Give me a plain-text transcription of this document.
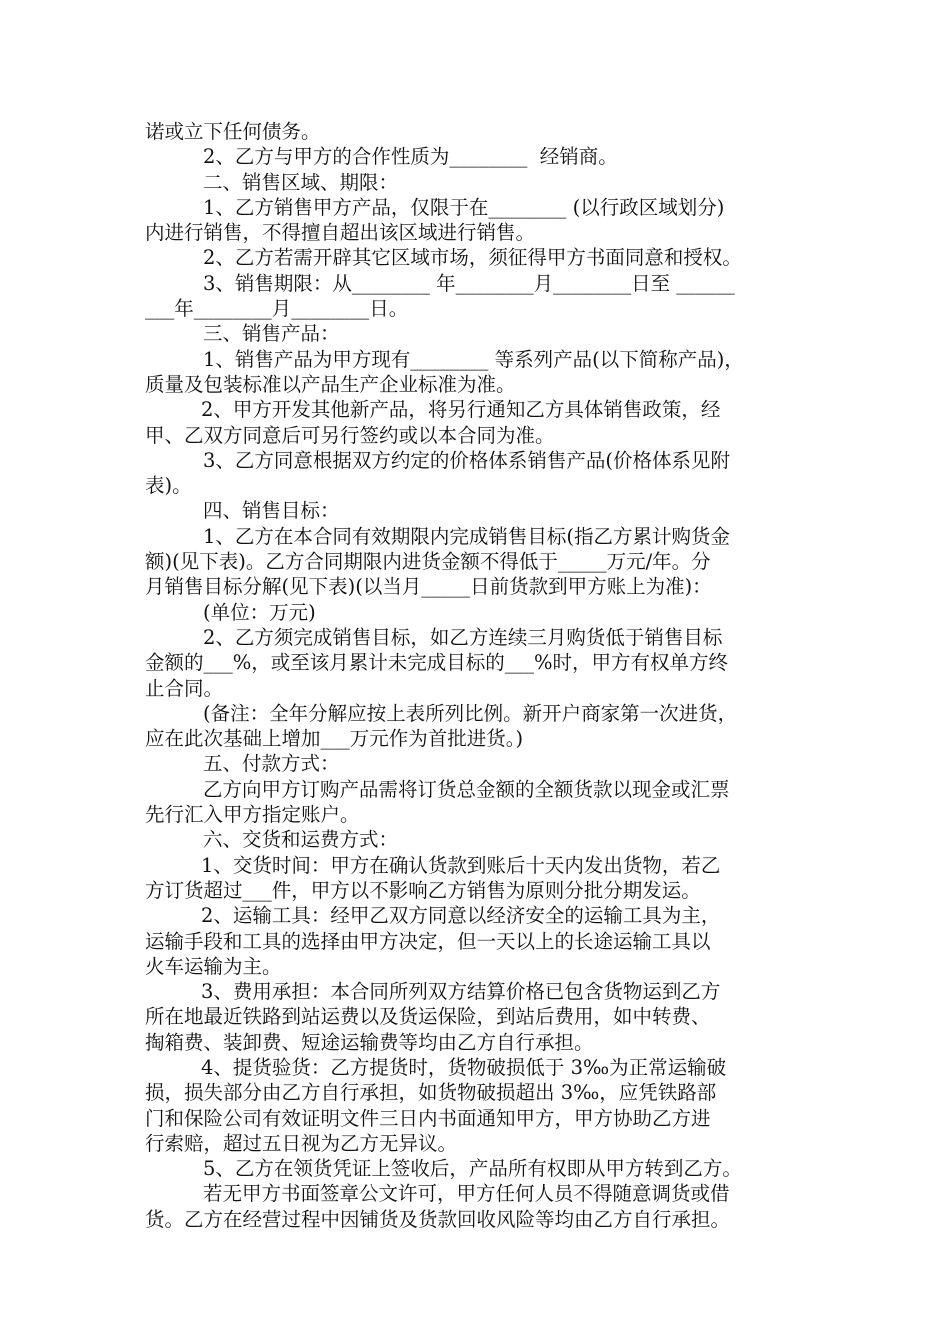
诺或立下任何债务。
2、乙方与甲方的合作性质为________  经销商。
二、销售区域、期限：
1、乙方销售甲方产品，仅限于在________ (以行政区域划分)
内进行销售，不得擅自超出该区域进行销售。
2、乙方若需开辟其它区域市场，须征得甲方书面同意和授权。
3、销售期限：从________ 年________月________日至 ______
___年________月________日。
三、销售产品：
1、销售产品为甲方现有________ 等系列产品(以下简称产品)，
质量及包装标准以产品生产企业标准为准。
2、甲方开发其他新产品，将另行通知乙方具体销售政策，经
甲、乙双方同意后可另行签约或以本合同为准。
3、乙方同意根据双方约定的价格体系销售产品(价格体系见附
表)。
四、销售目标：
1、乙方在本合同有效期限内完成销售目标(指乙方累计购货金
额)(见下表)。乙方合同期限内进货金额不得低于_____万元/年。分
月销售目标分解(见下表)(以当月_____日前货款到甲方账上为准)：
(单位：万元)
2、乙方须完成销售目标，如乙方连续三月购货低于销售目标
金额的___%，或至该月累计未完成目标的___%时，甲方有权单方终
止合同。
(备注：全年分解应按上表所列比例。新开户商家第一次进货，
应在此次基础上增加___万元作为首批进货。)
五、付款方式：
乙方向甲方订购产品需将订货总金额的全额货款以现金或汇票
先行汇入甲方指定账户。
六、交货和运费方式：
1、交货时间：甲方在确认货款到账后十天内发出货物，若乙
方订货超过___件，甲方以不影响乙方销售为原则分批分期发运。
2、运输工具：经甲乙双方同意以经济安全的运输工具为主，
运输手段和工具的选择由甲方决定，但一天以上的长途运输工具以
火车运输为主。
3、费用承担：本合同所列双方结算价格已包含货物运到乙方
所在地最近铁路到站运费以及货运保险，到站后费用，如中转费、
掏箱费、装卸费、短途运输费等均由乙方自行承担。
4、提货验货：乙方提货时，货物破损低于 3‰为正常运输破
损，损失部分由乙方自行承担，如货物破损超出 3‰，应凭铁路部
门和保险公司有效证明文件三日内书面通知甲方，甲方协助乙方进
行索赔，超过五日视为乙方无异议。
5、乙方在领货凭证上签收后，产品所有权即从甲方转到乙方。
若无甲方书面签章公文许可，甲方任何人员不得随意调货或借
货。乙方在经营过程中因铺货及货款回收风险等均由乙方自行承担。
